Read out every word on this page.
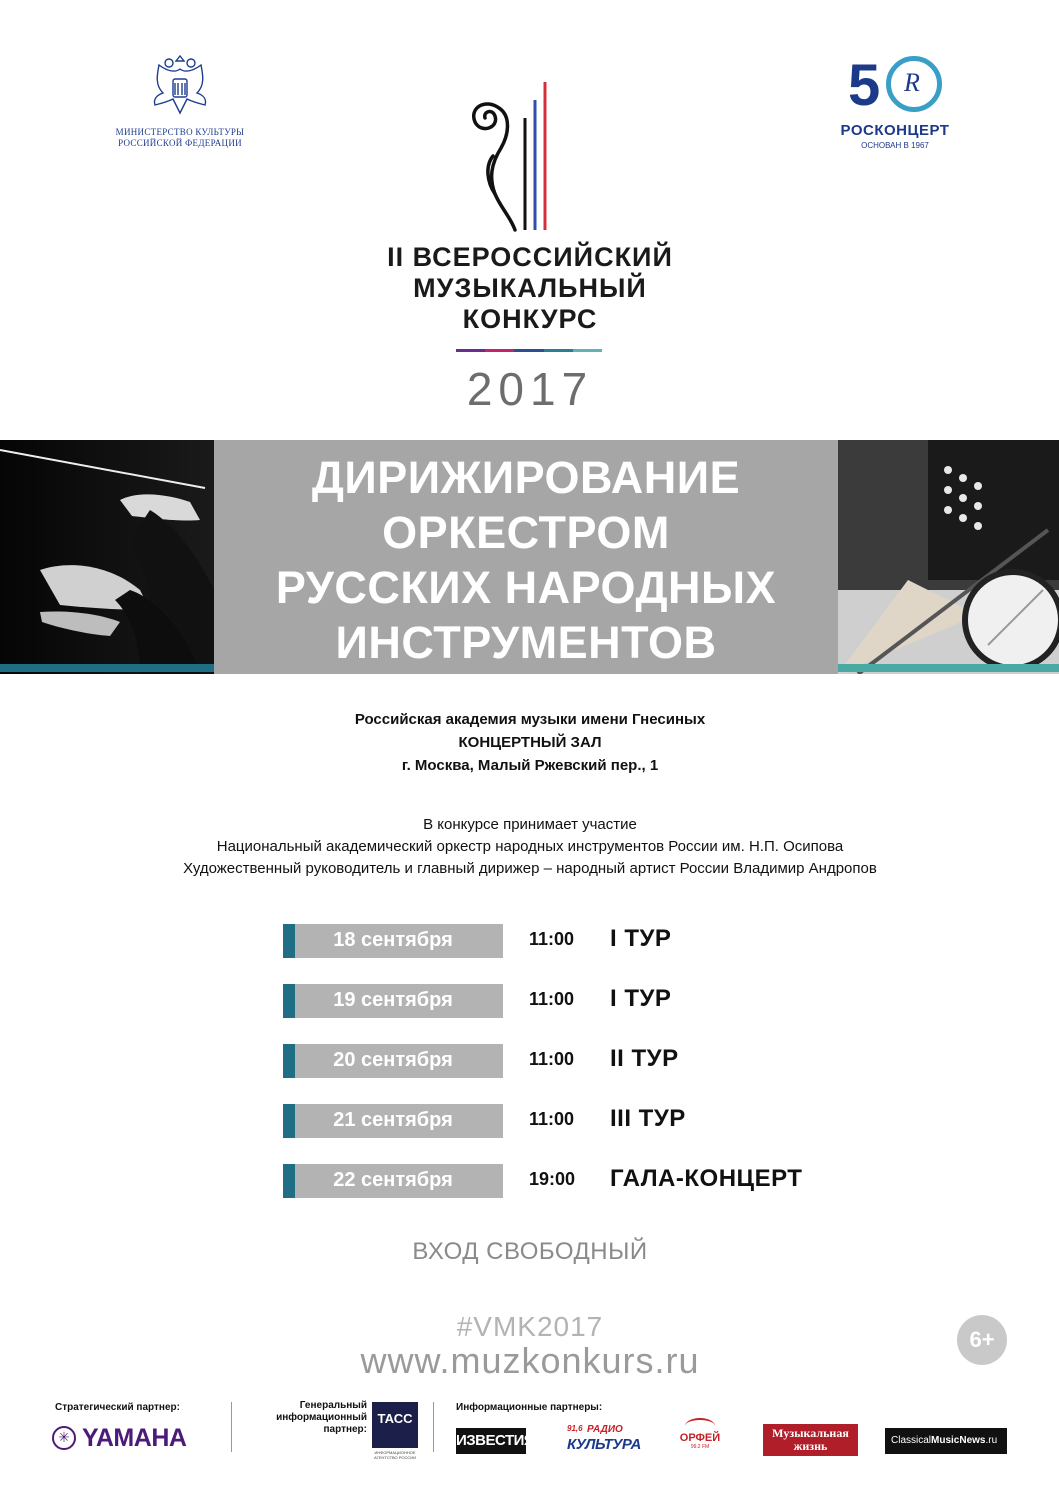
МИНИСТЕРСТВО КУЛЬТУРЫ
РОССИЙСКОЙ ФЕДЕРАЦИИ
5 R
РОСКОНЦЕРТ
ОСНОВАН В 1967
II ВСЕРОССИЙСКИЙ
МУЗЫКАЛЬНЫЙ
КОНКУРС
2017
ДИРИЖИРОВАНИЕ
ОРКЕСТРОМ
РУССКИХ НАРОДНЫХ
ИНСТРУМЕНТОВ
Российская академия музыки имени Гнесиных
КОНЦЕРТНЫЙ ЗАЛ
г. Москва, Малый Ржевский пер., 1
В конкурсе принимает участие
Национальный академический оркестр народных инструментов России им. Н.П. Осипова
Художественный руководитель и главный дирижер – народный артист России Владимир Андропов
18 сентября	11:00 I ТУР
19 сентября	11:00 I ТУР
20 сентября	11:00 II ТУР
21 сентября	11:00 III ТУР
22 сентября	19:00 ГАЛА-КОНЦЕРТ
ВХОД СВОБОДНЫЙ
#VMK2017
www.muzkonkurs.ru
6+
Стратегический партнер:
✳ YAMAHA
Генеральный
информационный
партнер:
ТАСС
ИНФОРМАЦИОННОЕ АГЕНТСТВО РОССИИ
Информационные партнеры:
ИЗВЕСТИЯ
91,6 РАДИО
КУЛЬТУРА	ОРФЕЙ
99.2 FM
Музыкальная
жизнь	ClassicalMusicNews.ru
